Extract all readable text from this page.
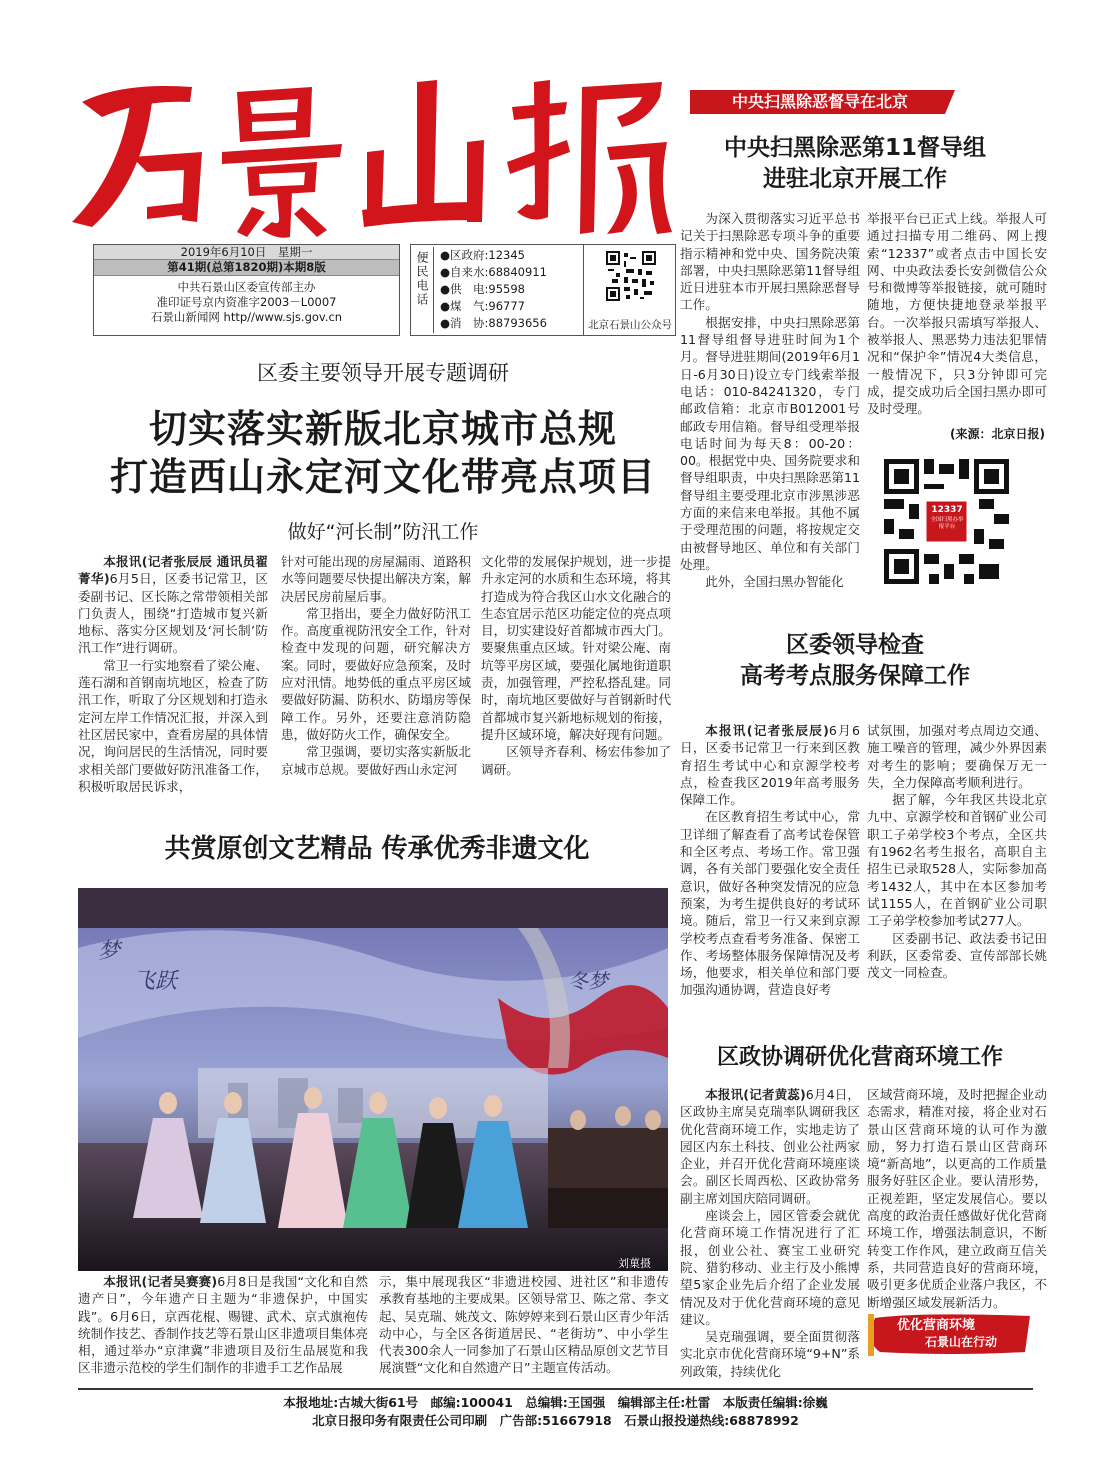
2019年6月10日　星期一
第41期(总第1820期)本期8版
中共石景山区委宣传部主办
准印证号京内资准字2003－L0007
石景山新闻网 http//www.sjs.gov.cn
便民电话 ●区政府:12345
●自来水:68840911
●供　电:95598
●煤　气:96777
●消　协:88793656	北京石景山公众号
区委主要领导开展专题调研
切实落实新版北京城市总规
打造西山永定河文化带亮点项目
做好“河长制”防汛工作

本报讯(记者张辰辰 通讯员翟菁华)6月5日，区委书记常卫，区委副书记、区长陈之常带领相关部门负责人，围绕“打造城市复兴新地标、落实分区规划及‘河长制’防汛工作”进行调研。

常卫一行实地察看了梁公庵、莲石湖和首钢南坑地区，检查了防汛工作，听取了分区规划和打造永定河左岸工作情况汇报，并深入到社区居民家中，查看房屋的具体情况，询问居民的生活情况，同时要求相关部门要做好防汛准备工作，积极听取居民诉求，

针对可能出现的房屋漏雨、道路积水等问题要尽快提出解决方案，解决居民房前屋后事。

常卫指出，要全力做好防汛工作。高度重视防汛安全工作，针对检查中发现的问题，研究解决方案。同时，要做好应急预案，及时应对汛情。地势低的重点平房区域要做好防漏、防积水、防塌房等保障工作。另外，还要注意消防隐患，做好防火工作，确保安全。

常卫强调，要切实落实新版北京城市总规。要做好西山永定河

文化带的发展保护规划，进一步提升永定河的水质和生态环境，将其打造成为符合我区山水文化融合的生态宜居示范区功能定位的亮点项目，切实建设好首都城市西大门。要聚焦重点区域。针对梁公庵、南坑等平房区域，要强化属地街道职责，加强管理，严控私搭乱建。同时，南坑地区要做好与首钢新时代首都城市复兴新地标规划的衔接，提升区域环境，解决好现有问题。

区领导齐春利、杨宏伟参加了调研。

共赏原创文艺精品 传承优秀非遗文化
梦
飞跃	冬梦
刘菓摄

本报讯(记者吴赛赛)6月8日是我国“文化和自然遗产日”，今年遗产日主题为“非遗保护，中国实践”。6月6日，京西花棍、赐键、武术、京式旗袍传统制作技艺、香制作技艺等石景山区非遗项目集体亮相，通过举办“京津冀”非遗项目及衍生品展览和我区非遗示范校的学生们制作的非遗手工艺作品展

示，集中展现我区“非遗进校园、进社区”和非遗传承教育基地的主要成果。区领导常卫、陈之常、李文起、吴克瑞、姚茂文、陈婷婷来到石景山区青少年活动中心，与全区各街道居民、“老街坊”、中小学生代表300余人一同参加了石景山区精品原创文艺节目展演暨“文化和自然遗产日”主题宣传活动。

中央扫黑除恶督导在北京
中央扫黑除恶第11督导组
进驻北京开展工作

为深入贯彻落实习近平总书记关于扫黑除恶专项斗争的重要指示精神和党中央、国务院决策部署，中央扫黑除恶第11督导组近日进驻本市开展扫黑除恶督导工作。

根据安排，中央扫黑除恶第11督导组督导进驻时间为1个月。督导进驻期间(2019年6月1日-6月30日)设立专门线索举报电话：010-84241320，专门邮政信箱：北京市B012001号邮政专用信箱。督导组受理举报电话时间为每天8：00-20：00。根据党中央、国务院要求和督导组职责，中央扫黑除恶第11督导组主要受理北京市涉黑涉恶方面的来信来电举报。其他不属于受理范围的问题，将按规定交由被督导地区、单位和有关部门处理。

此外，全国扫黑办智能化

举报平台已正式上线。举报人可通过扫描专用二维码、网上搜索“12337”或者点击中国长安网、中央政法委长安剑微信公众号和微博等举报链接，就可随时随地，方便快捷地登录举报平台。一次举报只需填写举报人、被举报人、黑恶势力违法犯罪情况和“保护伞”情况4大类信息，一般情况下，只3分钟即可完成，提交成功后全国扫黑办即可及时受理。

(来源：北京日报)
12337
全国扫黑办举报平台
区委领导检查
高考考点服务保障工作

本报讯(记者张辰辰)6月6日，区委书记常卫一行来到区教育招生考试中心和京源学校考点，检查我区2019年高考服务保障工作。

在区教育招生考试中心，常卫详细了解查看了高考试卷保管和全区考点、考场工作。常卫强调，各有关部门要强化安全责任意识，做好各种突发情况的应急预案，为考生提供良好的考试环境。随后，常卫一行又来到京源学校考点查看考务准备、保密工作、考场整体服务保障情况及考场，他要求，相关单位和部门要加强沟通协调，营造良好考

试氛围，加强对考点周边交通、施工噪音的管理，减少外界因素对考生的影响；要确保万无一失，全力保障高考顺利进行。

据了解，今年我区共设北京九中、京源学校和首钢矿业公司职工子弟学校3个考点，全区共有1962名考生报名，高职自主招生已录取528人，实际参加高考1432人，其中在本区参加考试1155人，在首钢矿业公司职工子弟学校参加考试277人。

区委副书记、政法委书记田利跃，区委常委、宣传部部长姚茂文一同检查。

区政协调研优化营商环境工作

本报讯(记者黄蕊)6月4日，区政协主席吴克瑞率队调研我区优化营商环境工作，实地走访了园区内东土科技、创业公社两家企业，并召开优化营商环境座谈会。副区长周西松、区政协常务副主席刘国庆陪同调研。

座谈会上，园区管委会就优化营商环境工作情况进行了汇报，创业公社、赛宝工业研究院、猎豹移动、业主行及小熊博望5家企业先后介绍了企业发展情况及对于优化营商环境的意见建议。

吴克瑞强调，要全面贯彻落实北京市优化营商环境“9+N”系列政策，持续优化

区域营商环境，及时把握企业动态需求，精准对接，将企业对石景山区营商环境的认可作为激励，努力打造石景山区营商环境“新高地”，以更高的工作质量服务好驻区企业。要认清形势，正视差距，坚定发展信心。要以高度的政治责任感做好优化营商环境工作，增强法制意识，不断转变工作作风，建立政商互信关系，共同营造良好的营商环境，吸引更多优质企业落户我区，不断增强区域发展新活力。

优化营商环境
石景山在行动
本报地址:古城大街61号　邮编:100041　总编辑:王国强　编辑部主任:杜雷　本版责任编辑:徐巍
北京日报印务有限责任公司印刷　广告部:51667918　石景山报投递热线:68878992
